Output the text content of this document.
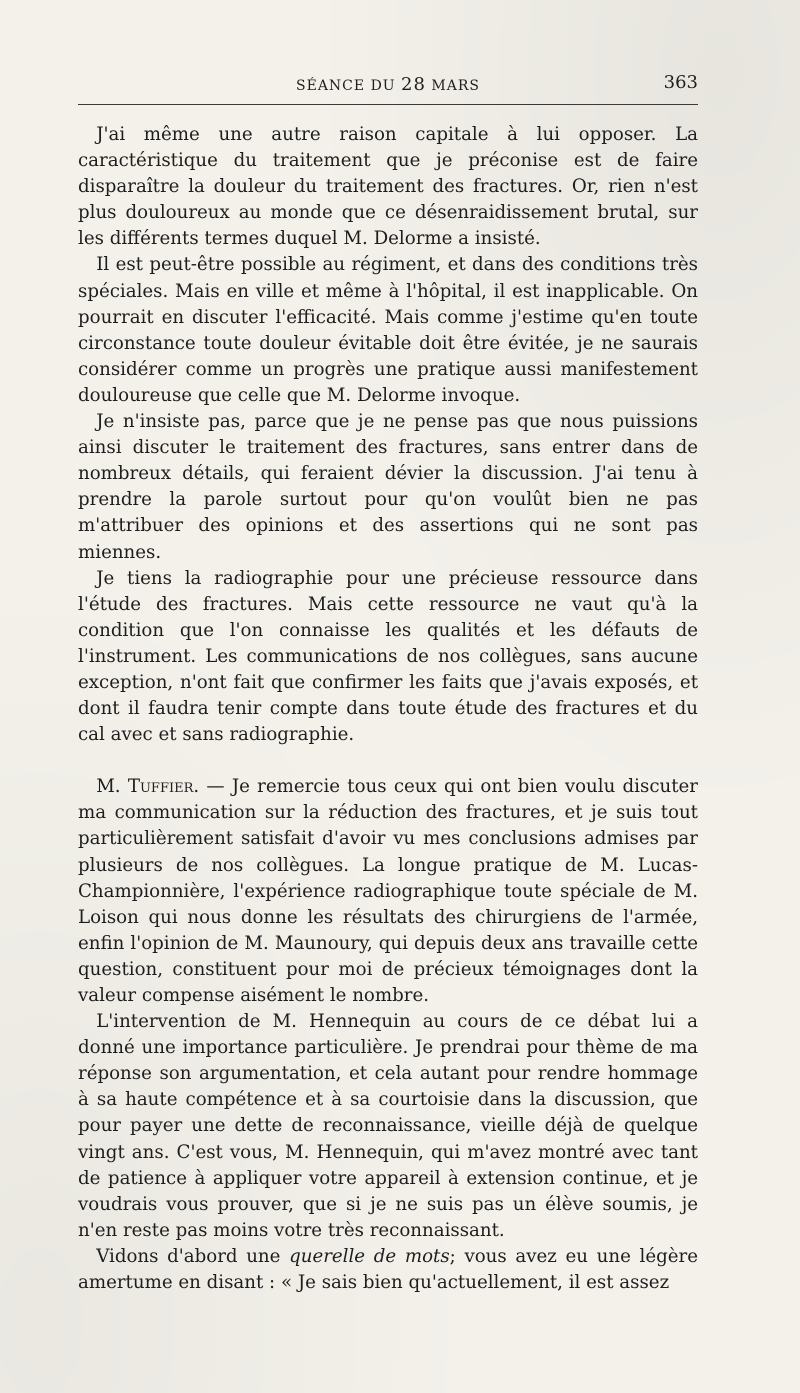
SÉANCE DU 28 MARS	363

J'ai même une autre raison capitale à lui opposer. La caractéristique du traitement que je préconise est de faire disparaître la douleur du traitement des fractures. Or, rien n'est plus douloureux au monde que ce désenraidissement brutal, sur les différents termes duquel M. Delorme a insisté.

Il est peut-être possible au régiment, et dans des conditions très spéciales. Mais en ville et même à l'hôpital, il est inapplicable. On pourrait en discuter l'efficacité. Mais comme j'estime qu'en toute circonstance toute douleur évitable doit être évitée, je ne saurais considérer comme un progrès une pratique aussi manifestement douloureuse que celle que M. Delorme invoque.

Je n'insiste pas, parce que je ne pense pas que nous puissions ainsi discuter le traitement des fractures, sans entrer dans de nombreux détails, qui feraient dévier la discussion. J'ai tenu à prendre la parole surtout pour qu'on voulût bien ne pas m'attribuer des opinions et des assertions qui ne sont pas miennes.

Je tiens la radiographie pour une précieuse ressource dans l'étude des fractures. Mais cette ressource ne vaut qu'à la condition que l'on connaisse les qualités et les défauts de l'instrument. Les communications de nos collègues, sans aucune exception, n'ont fait que confirmer les faits que j'avais exposés, et dont il faudra tenir compte dans toute étude des fractures et du cal avec et sans radiographie.

M. Tuffier. — Je remercie tous ceux qui ont bien voulu discuter ma communication sur la réduction des fractures, et je suis tout particulièrement satisfait d'avoir vu mes conclusions admises par plusieurs de nos collègues. La longue pratique de M. Lucas-Championnière, l'expérience radiographique toute spéciale de M. Loison qui nous donne les résultats des chirurgiens de l'armée, enfin l'opinion de M. Maunoury, qui depuis deux ans travaille cette question, constituent pour moi de précieux témoignages dont la valeur compense aisément le nombre.

L'intervention de M. Hennequin au cours de ce débat lui a donné une importance particulière. Je prendrai pour thème de ma réponse son argumentation, et cela autant pour rendre hommage à sa haute compétence et à sa courtoisie dans la discussion, que pour payer une dette de reconnaissance, vieille déjà de quelque vingt ans. C'est vous, M. Hennequin, qui m'avez montré avec tant de patience à appliquer votre appareil à extension continue, et je voudrais vous prouver, que si je ne suis pas un élève soumis, je n'en reste pas moins votre très reconnaissant.

Vidons d'abord une querelle de mots; vous avez eu une légère amertume en disant : « Je sais bien qu'actuellement, il est assez
